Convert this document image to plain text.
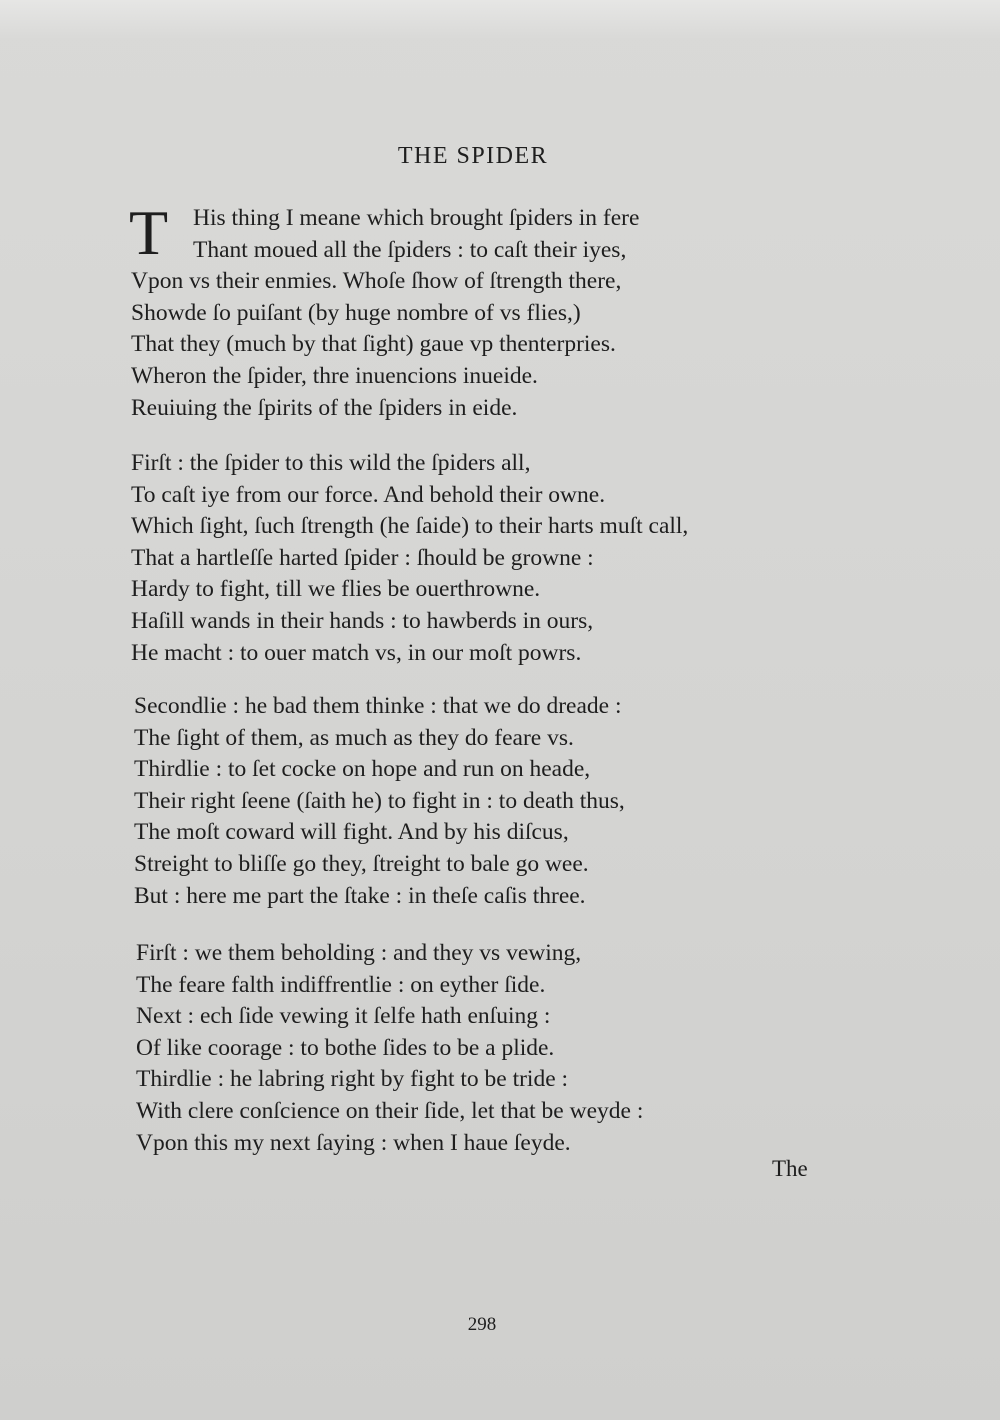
THE SPIDER
T	His thing I meane which brought ſpiders in fere
Thant moued all the ſpiders : to caſt their iyes,
Vpon vs their enmies. Whoſe ſhow of ſtrength there,
Showde ſo puiſant (by huge nombre of vs flies,)
That they (much by that ſight) gaue vp thenterpries.
Wheron the ſpider, thre inuencions inueide.
Reuiuing the ſpirits of the ſpiders in eide.
Firſt : the ſpider to this wild the ſpiders all,
To caſt iye from our force. And behold their owne.
Which ſight, ſuch ſtrength (he ſaide) to their harts muſt call,
That a hartleſſe harted ſpider : ſhould be growne :
Hardy to fight, till we flies be ouerthrowne.
Haſill wands in their hands : to hawberds in ours,
He macht : to ouer match vs, in our moſt powrs.
Secondlie : he bad them thinke : that we do dreade :
The ſight of them, as much as they do feare vs.
Thirdlie : to ſet cocke on hope and run on heade,
Their right ſeene (ſaith he) to fight in : to death thus,
The moſt coward will fight. And by his diſcus,
Streight to bliſſe go they, ſtreight to bale go wee.
But : here me part the ſtake : in theſe caſis three.
Firſt : we them beholding : and they vs vewing,
The feare falth indiffrentlie : on eyther ſide.
Next : ech ſide vewing it ſelfe hath enſuing :
Of like coorage : to bothe ſides to be a plide.
Thirdlie : he labring right by fight to be tride :
With clere conſcience on their ſide, let that be weyde :
Vpon this my next ſaying : when I haue ſeyde.
The
298
